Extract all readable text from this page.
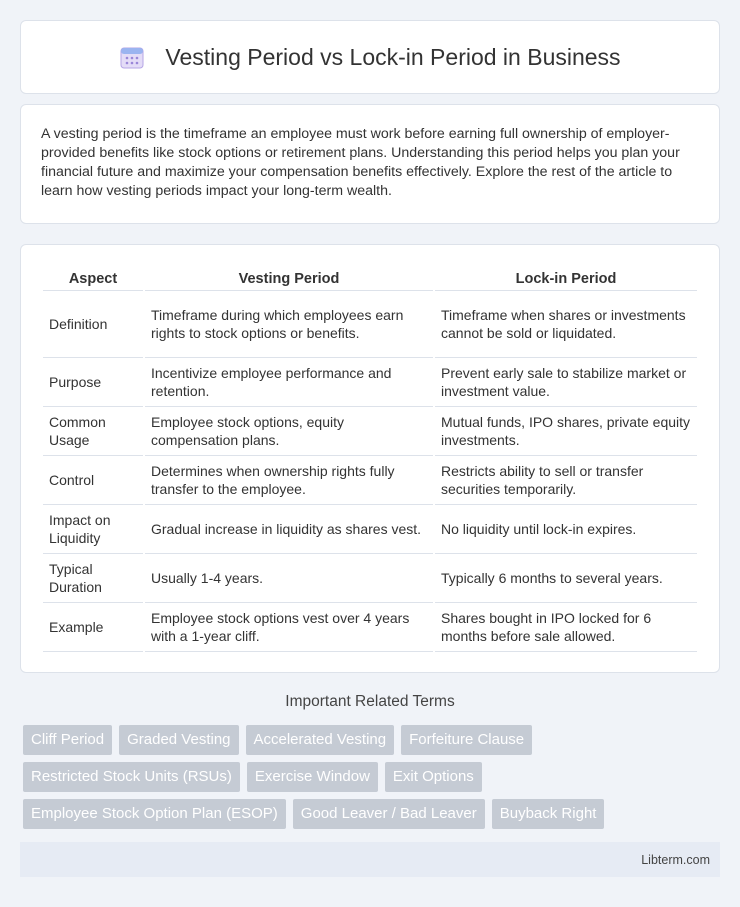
Vesting Period vs Lock-in Period in Business

A vesting period is the timeframe an employee must work before earning full ownership of employer-provided benefits like stock options or retirement plans. Understanding this period helps you plan your financial future and maximize your compensation benefits effectively. Explore the rest of the article to learn how vesting periods impact your long-term wealth.

Aspect	Vesting Period	Lock-in Period
Definition	Timeframe during which employees earn rights to stock options or benefits.	Timeframe when shares or investments cannot be sold or liquidated.
Purpose	Incentivize employee performance and retention.	Prevent early sale to stabilize market or investment value.
Common Usage	Employee stock options, equity compensation plans.	Mutual funds, IPO shares, private equity investments.
Control	Determines when ownership rights fully transfer to the employee.	Restricts ability to sell or transfer securities temporarily.
Impact on Liquidity	Gradual increase in liquidity as shares vest.	No liquidity until lock-in expires.
Typical Duration	Usually 1-4 years.	Typically 6 months to several years.
Example	Employee stock options vest over 4 years with a 1-year cliff.	Shares bought in IPO locked for 6 months before sale allowed.
Important Related Terms
Cliff Period	Graded Vesting	Accelerated Vesting	Forfeiture Clause
Restricted Stock Units (RSUs)	Exercise Window	Exit Options
Employee Stock Option Plan (ESOP)	Good Leaver / Bad Leaver	Buyback Right
Libterm.com
